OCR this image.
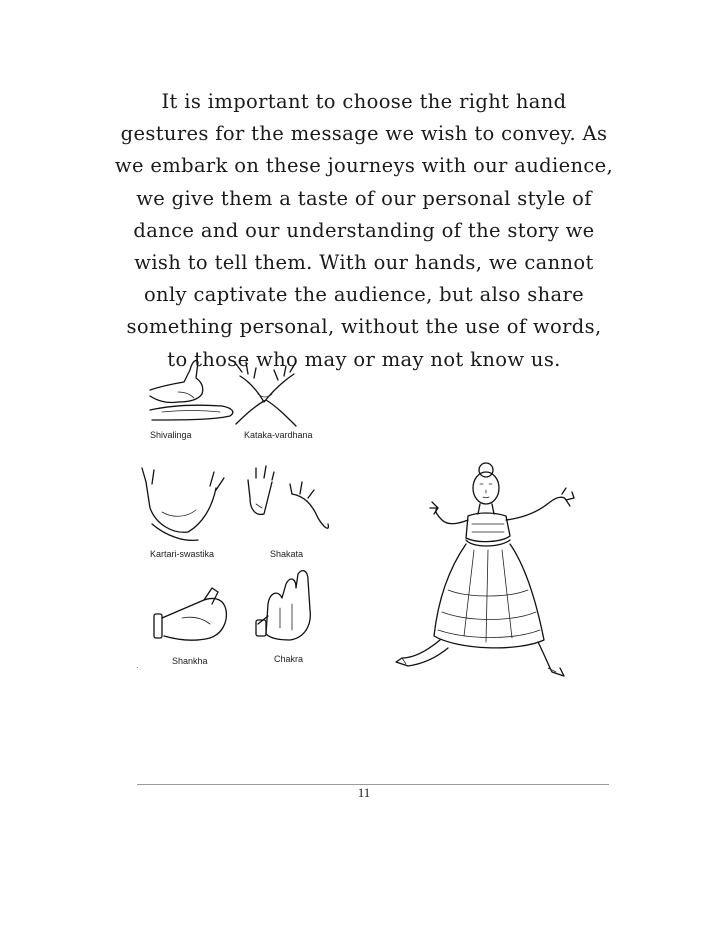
It is important to choose the right hand
gestures for the message we wish to convey. As
we embark on these journeys with our audience,
we give them a taste of our personal style of
dance and our understanding of the story we
wish to tell them. With our hands, we cannot
only captivate the audience, but also share
something personal, without the use of words,
to those who may or may not know us.

·
Shivalinga	Kataka-vardhana
Kartari-swastika	Shakata
Shankha	Chakra
11
